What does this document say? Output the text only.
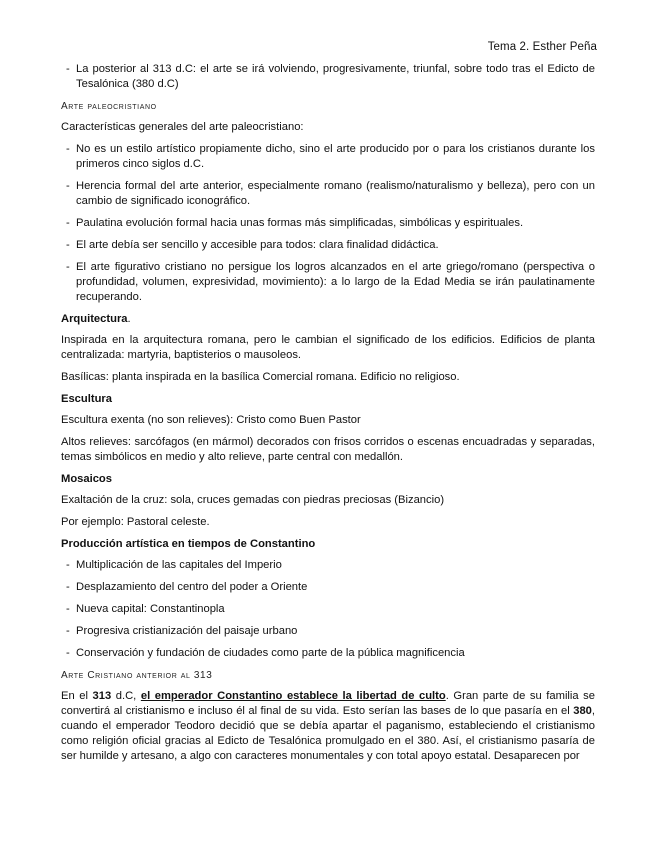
Tema 2. Esther Peña
- La posterior al 313 d.C: el arte se irá volviendo, progresivamente, triunfal, sobre todo tras el Edicto de Tesalónica (380 d.C)
Arte paleocristiano

Características generales del arte paleocristiano:

- No es un estilo artístico propiamente dicho, sino el arte producido por o para los cristianos durante los primeros cinco siglos d.C.
- Herencia formal del arte anterior, especialmente romano (realismo/naturalismo y belleza), pero con un cambio de significado iconográfico.
- Paulatina evolución formal hacia unas formas más simplificadas, simbólicas y espirituales.
- El arte debía ser sencillo y accesible para todos: clara finalidad didáctica.
- El arte figurativo cristiano no persigue los logros alcanzados en el arte griego/romano (perspectiva o profundidad, volumen, expresividad, movimiento): a lo largo de la Edad Media se irán paulatinamente recuperando.
Arquitectura.

Inspirada en la arquitectura romana, pero le cambian el significado de los edificios. Edificios de planta centralizada: martyria, baptisterios o mausoleos.

Basílicas: planta inspirada en la basílica Comercial romana. Edificio no religioso.

Escultura

Escultura exenta (no son relieves): Cristo como Buen Pastor

Altos relieves: sarcófagos (en mármol) decorados con frisos corridos o escenas encuadradas y separadas, temas simbólicos en medio y alto relieve, parte central con medallón.

Mosaicos

Exaltación de la cruz: sola, cruces gemadas con piedras preciosas (Bizancio)

Por ejemplo: Pastoral celeste.

Producción artística en tiempos de Constantino
- Multiplicación de las capitales del Imperio
- Desplazamiento del centro del poder a Oriente
- Nueva capital: Constantinopla
- Progresiva cristianización del paisaje urbano
- Conservación y fundación de ciudades como parte de la pública magnificencia
Arte Cristiano anterior al 313

En el 313 d.C, el emperador Constantino establece la libertad de culto. Gran parte de su familia se convertirá al cristianismo e incluso él al final de su vida. Esto serían las bases de lo que pasaría en el 380, cuando el emperador Teodoro decidió que se debía apartar el paganismo, estableciendo el cristianismo como religión oficial gracias al Edicto de Tesalónica promulgado en el 380. Así, el cristianismo pasaría de ser humilde y artesano, a algo con caracteres monumentales y con total apoyo estatal. Desaparecen por
